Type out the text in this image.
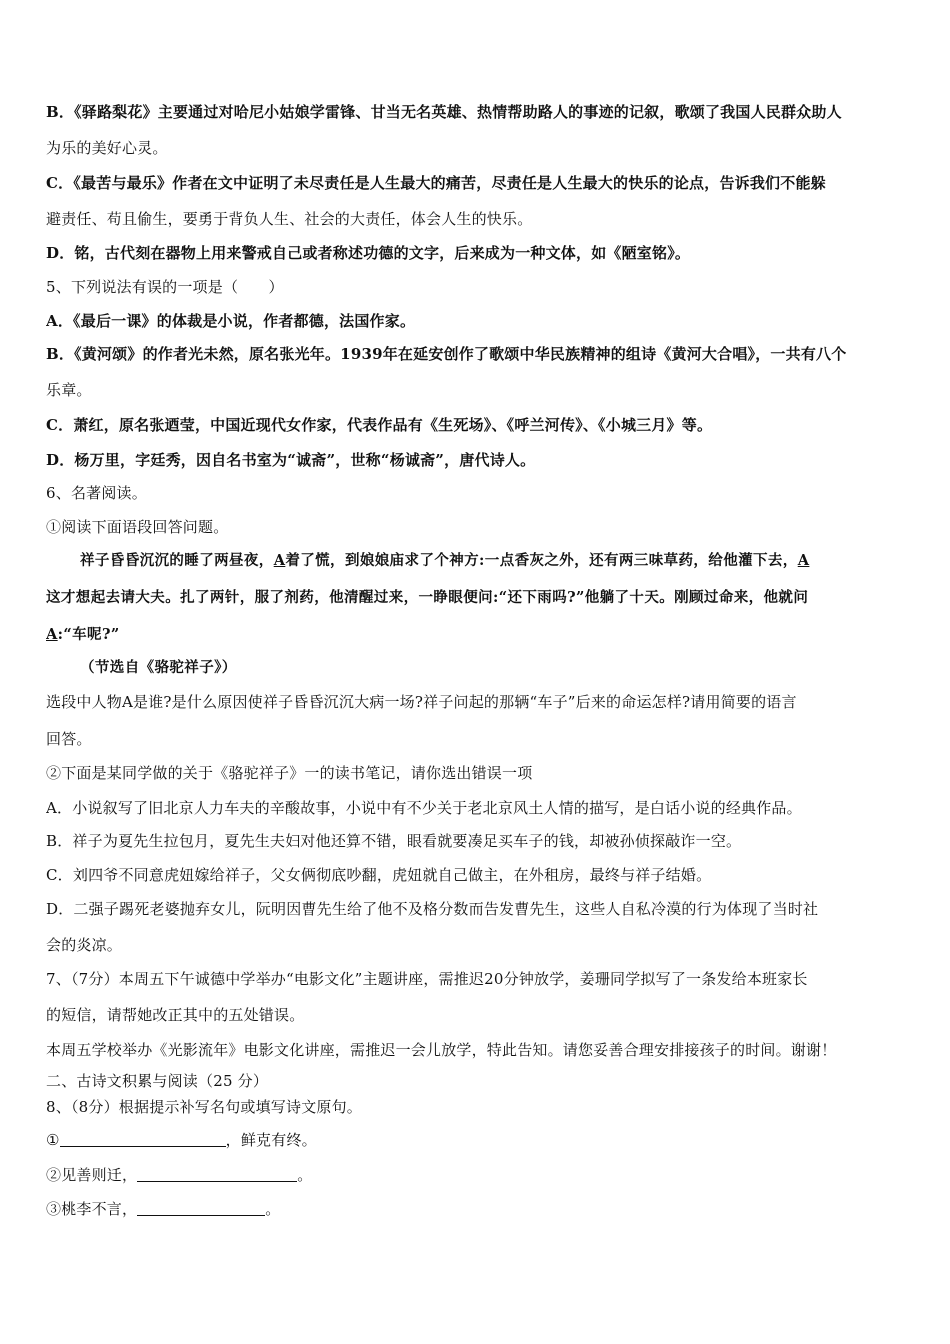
B．《驿路梨花》主要通过对哈尼小姑娘学雷锋、甘当无名英雄、热情帮助路人的事迹的记叙，歌颂了我国人民群众助人
为乐的美好心灵。
C．《最苦与最乐》作者在文中证明了未尽责任是人生最大的痛苦，尽责任是人生最大的快乐的论点，告诉我们不能躲
避责任、苟且偷生，要勇于背负人生、社会的大责任，体会人生的快乐。
D．铭，古代刻在器物上用来警戒自己或者称述功德的文字，后来成为一种文体，如《陋室铭》。
5、下列说法有误的一项是（　　）
A．《最后一课》的体裁是小说，作者都德，法国作家。
B．《黄河颂》的作者光未然，原名张光年。1939年在延安创作了歌颂中华民族精神的组诗《黄河大合唱》，一共有八个
乐章。
C．萧红，原名张迺莹，中国近现代女作家，代表作品有《生死场》、《呼兰河传》、《小城三月》等。
D．杨万里，字廷秀，因自名书室为“诚斋”，世称“杨诚斋”，唐代诗人。
6、名著阅读。
①阅读下面语段回答问题。
祥子昏昏沉沉的睡了两昼夜，A着了慌，到娘娘庙求了个神方:一点香灰之外，还有两三味草药，给他灌下去，A
这才想起去请大夫。扎了两针，服了剂药，他清醒过来，一睁眼便问:“还下雨吗?”他躺了十天。刚顾过命来，他就问
A:“车呢?”
（节选自《骆驼祥子》）
选段中人物A是谁?是什么原因使祥子昏昏沉沉大病一场?祥子问起的那辆“车子”后来的命运怎样?请用简要的语言
回答。
②下面是某同学做的关于《骆驼祥子》一的读书笔记，请你选出错误一项
A．小说叙写了旧北京人力车夫的辛酸故事，小说中有不少关于老北京风土人情的描写，是白话小说的经典作品。
B．祥子为夏先生拉包月，夏先生夫妇对他还算不错，眼看就要凑足买车子的钱，却被孙侦探敲诈一空。
C．刘四爷不同意虎妞嫁给祥子，父女俩彻底吵翻，虎妞就自己做主，在外租房，最终与祥子结婚。
D．二强子踢死老婆抛弃女儿，阮明因曹先生给了他不及格分数而告发曹先生，这些人自私冷漠的行为体现了当时社
会的炎凉。
7、（7分）本周五下午诚德中学举办“电影文化”主题讲座，需推迟20分钟放学，姜珊同学拟写了一条发给本班家长
的短信，请帮她改正其中的五处错误。
本周五学校举办《光影流年》电影文化讲座，需推迟一会儿放学，特此告知。请您妥善合理安排接孩子的时间。谢谢！
二、古诗文积累与阅读（25 分）
8、（8分）根据提示补写名句或填写诗文原句。
①	，鲜克有终。
②见善则迁，	。
③桃李不言，	。
